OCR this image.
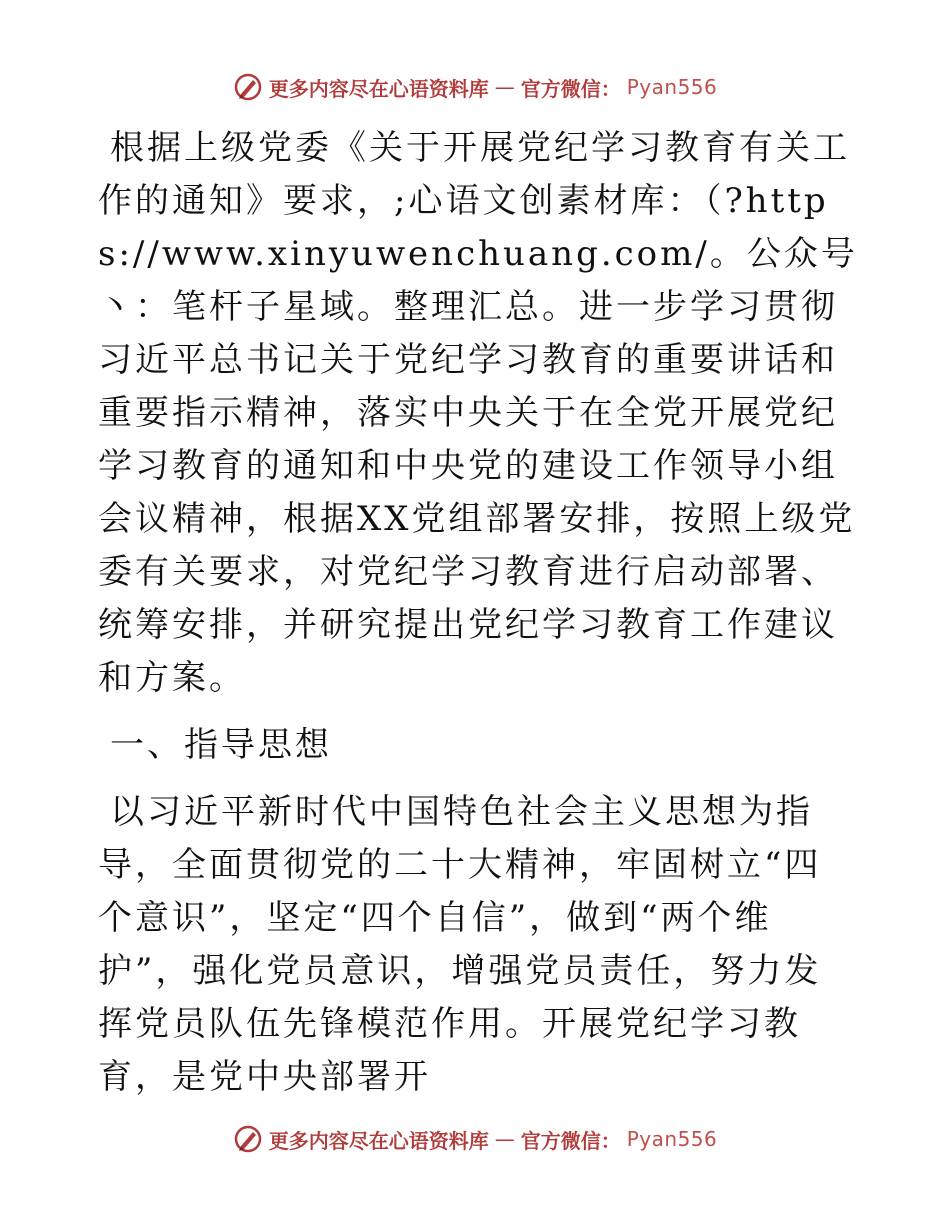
更多内容尽在心语资料库 — 官方微信： Pyan556

根据上级党委《关于开展党纪学习教育有关工作的通知》要求，;心语文创素材库：（?https://www.xinyuwenchuang.com/。公众号丶：笔杆子星域。整理汇总。进一步学习贯彻习近平总书记关于党纪学习教育的重要讲话和重要指示精神，落实中央关于在全党开展党纪学习教育的通知和中央党的建设工作领导小组会议精神，根据XX党组部署安排，按照上级党委有关要求，对党纪学习教育进行启动部署、统筹安排，并研究提出党纪学习教育工作建议和方案。

一、指导思想

以习近平新时代中国特色社会主义思想为指导，全面贯彻党的二十大精神，牢固树立“四个意识”，坚定“四个自信”，做到“两个维护”，强化党员意识，增强党员责任，努力发挥党员队伍先锋模范作用。开展党纪学习教育，是党中央部署开

更多内容尽在心语资料库 — 官方微信： Pyan556
